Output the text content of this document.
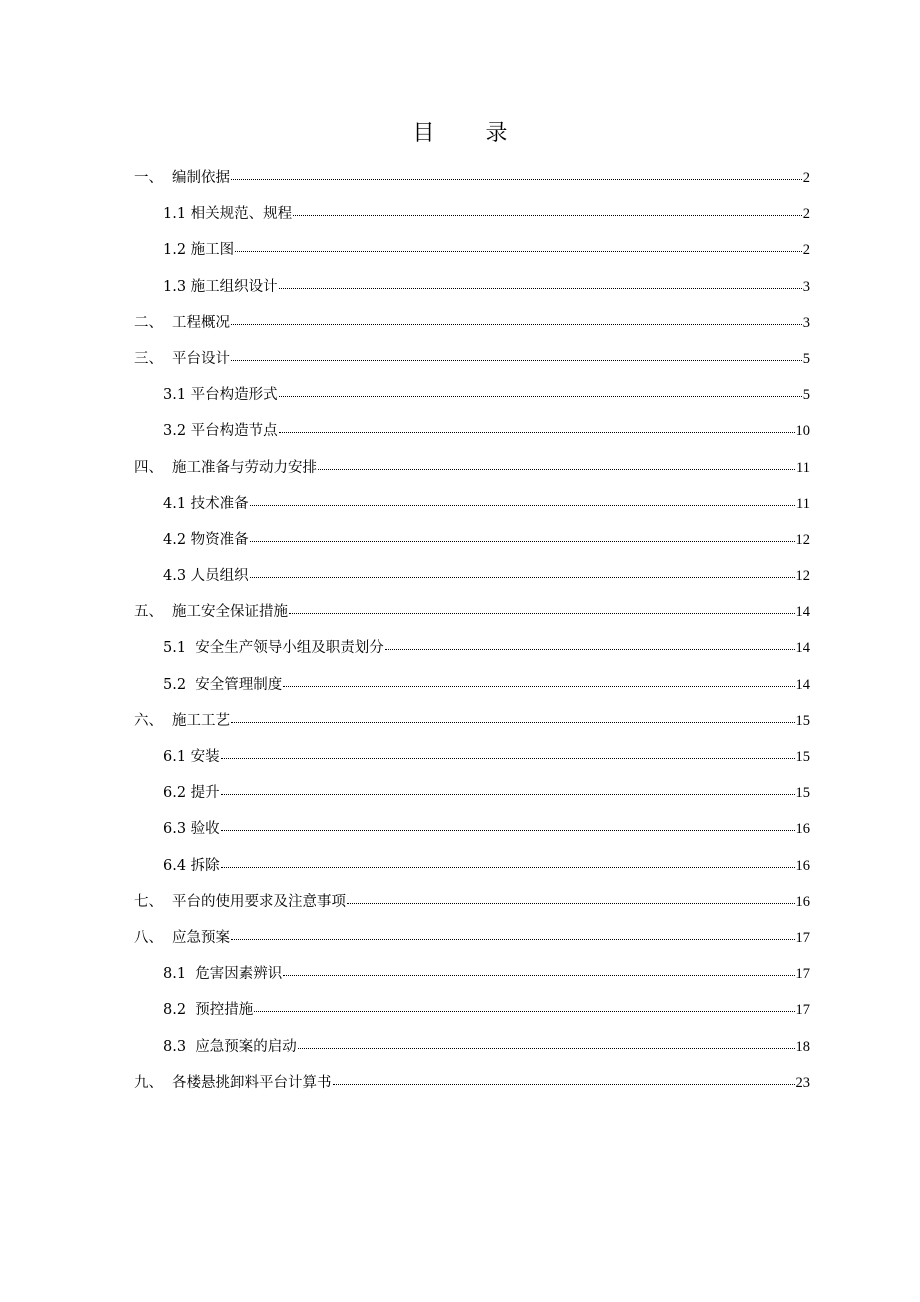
目 录
一、 编制依据	2
1.1 相关规范、规程	2
1.2 施工图	2
1.3 施工组织设计	3
二、 工程概况	3
三、 平台设计	5
3.1 平台构造形式	5
3.2 平台构造节点	10
四、 施工准备与劳动力安排	11
4.1 技术准备	11
4.2 物资准备	12
4.3 人员组织	12
五、 施工安全保证措施	14
5.1 安全生产领导小组及职责划分	14
5.2 安全管理制度	14
六、 施工工艺	15
6.1 安装	15
6.2 提升	15
6.3 验收	16
6.4 拆除	16
七、 平台的使用要求及注意事项	16
八、 应急预案	17
8.1 危害因素辨识	17
8.2 预控措施	17
8.3 应急预案的启动	18
九、 各楼悬挑卸料平台计算书	23
